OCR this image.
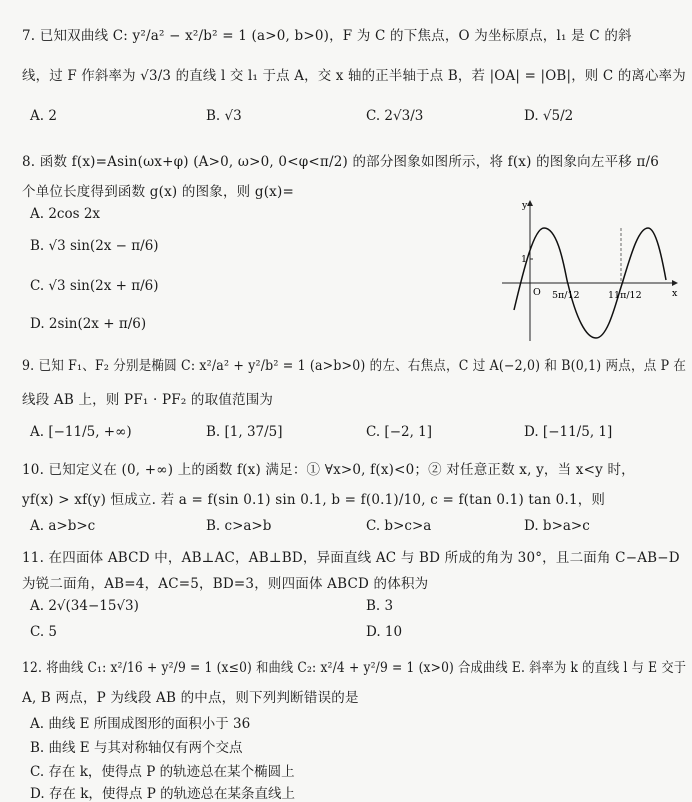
7. 已知双曲线 C: y²/a² − x²/b² = 1 (a>0, b>0)，F 为 C 的下焦点，O 为坐标原点，l₁ 是 C 的斜
线，过 F 作斜率为 √3/3 的直线 l 交 l₁ 于点 A，交 x 轴的正半轴于点 B，若 |OA| = |OB|，则 C 的离心率为
A. 2	B. √3	C. 2√3/3	D. √5/2
8. 函数 f(x)=Asin(ωx+φ) (A>0, ω>0, 0<φ<π/2) 的部分图象如图所示，将 f(x) 的图象向左平移 π/6
个单位长度得到函数 g(x) 的图象，则 g(x)=
A. 2cos 2x
B. √3 sin(2x − π/6)
C. √3 sin(2x + π/6)
D. 2sin(2x + π/6)
y
x
O
1
5π/12	11π/12
9. 已知 F₁、F₂ 分别是椭圆 C: x²/a² + y²/b² = 1 (a>b>0) 的左、右焦点，C 过 A(−2,0) 和 B(0,1) 两点，点 P 在
线段 AB 上，则 PF₁ · PF₂ 的取值范围为
A. [−11/5, +∞)	B. [1, 37/5]	C. [−2, 1]	D. [−11/5, 1]
10. 已知定义在 (0, +∞) 上的函数 f(x) 满足：① ∀x>0, f(x)<0；② 对任意正数 x, y，当 x<y 时，
yf(x) > xf(y) 恒成立. 若 a = f(sin 0.1) sin 0.1, b = f(0.1)/10, c = f(tan 0.1) tan 0.1，则
A. a>b>c	B. c>a>b	C. b>c>a	D. b>a>c
11. 在四面体 ABCD 中，AB⊥AC，AB⊥BD，异面直线 AC 与 BD 所成的角为 30°，且二面角 C−AB−D
为锐二面角，AB=4，AC=5，BD=3，则四面体 ABCD 的体积为
A. 2√(34−15√3)	B. 3
C. 5	D. 10
12. 将曲线 C₁: x²/16 + y²/9 = 1 (x≤0) 和曲线 C₂: x²/4 + y²/9 = 1 (x>0) 合成曲线 E. 斜率为 k 的直线 l 与 E 交于
A, B 两点，P 为线段 AB 的中点，则下列判断错误的是
A. 曲线 E 所围成图形的面积小于 36
B. 曲线 E 与其对称轴仅有两个交点
C. 存在 k，使得点 P 的轨迹总在某个椭圆上
D. 存在 k，使得点 P 的轨迹总在某条直线上
